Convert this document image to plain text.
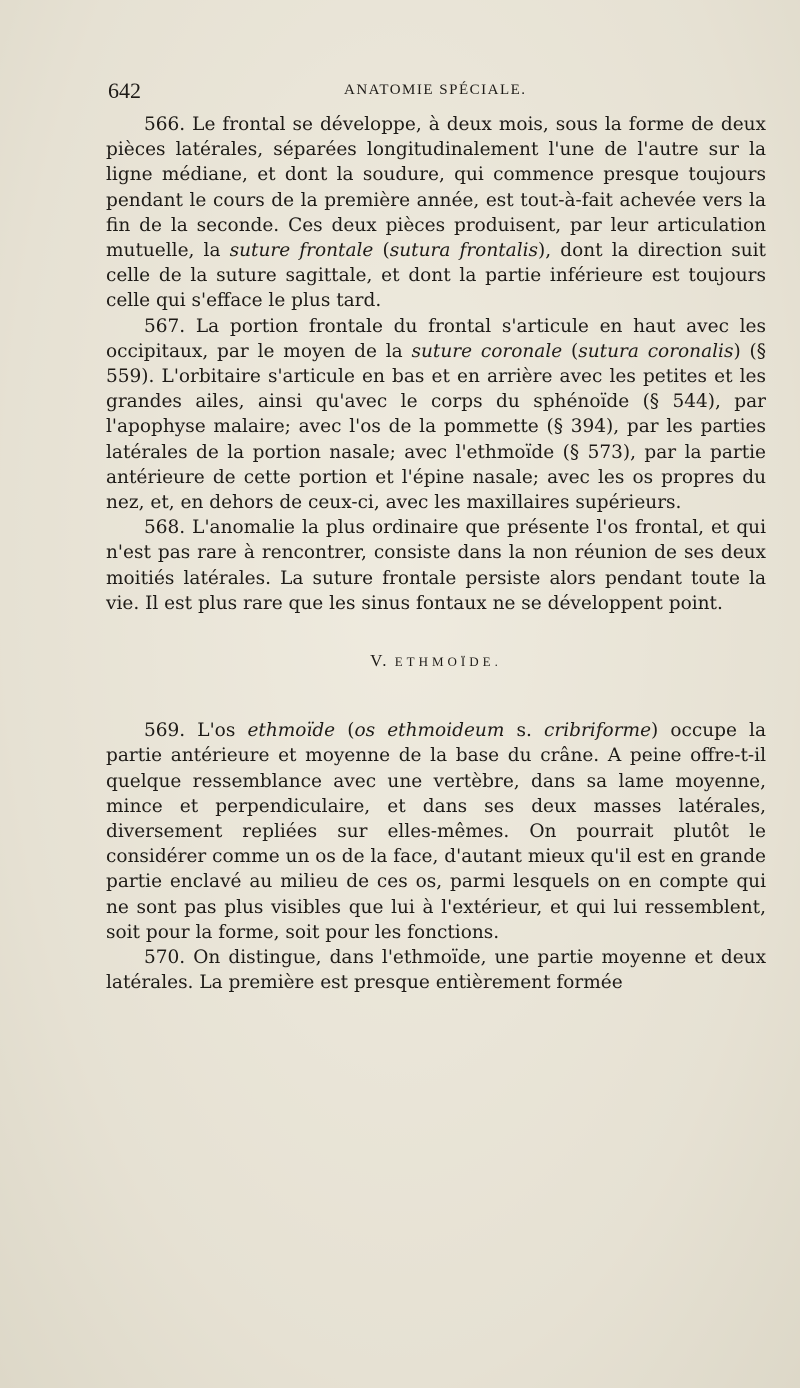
642	ANATOMIE SPÉCIALE.

566. Le frontal se développe, à deux mois, sous la forme de deux pièces latérales, séparées longitudinalement l'une de l'autre sur la ligne médiane, et dont la soudure, qui commence presque toujours pendant le cours de la première année, est tout-à-fait achevée vers la fin de la seconde. Ces deux pièces produisent, par leur articulation mutuelle, la suture frontale (sutura frontalis), dont la direction suit celle de la suture sagittale, et dont la partie inférieure est toujours celle qui s'efface le plus tard.

567. La portion frontale du frontal s'articule en haut avec les occipitaux, par le moyen de la suture coronale (sutura coronalis) (§ 559). L'orbitaire s'articule en bas et en arrière avec les petites et les grandes ailes, ainsi qu'avec le corps du sphénoïde (§ 544), par l'apophyse malaire; avec l'os de la pommette (§ 394), par les parties latérales de la portion nasale; avec l'ethmoïde (§ 573), par la partie antérieure de cette portion et l'épine nasale; avec les os propres du nez, et, en dehors de ceux-ci, avec les maxillaires supérieurs.

568. L'anomalie la plus ordinaire que présente l'os frontal, et qui n'est pas rare à rencontrer, consiste dans la non réunion de ses deux moitiés latérales. La suture frontale persiste alors pendant toute la vie. Il est plus rare que les sinus fontaux ne se développent point.

V. ETHMOÏDE.

569. L'os ethmoïde (os ethmoideum s. cribriforme) occupe la partie antérieure et moyenne de la base du crâne. A peine offre-t-il quelque ressemblance avec une vertèbre, dans sa lame moyenne, mince et perpendiculaire, et dans ses deux masses latérales, diversement repliées sur elles-mêmes. On pourrait plutôt le considérer comme un os de la face, d'autant mieux qu'il est en grande partie enclavé au milieu de ces os, parmi lesquels on en compte qui ne sont pas plus visibles que lui à l'extérieur, et qui lui ressemblent, soit pour la forme, soit pour les fonctions.

570. On distingue, dans l'ethmoïde, une partie moyenne et deux latérales. La première est presque entièrement formée
